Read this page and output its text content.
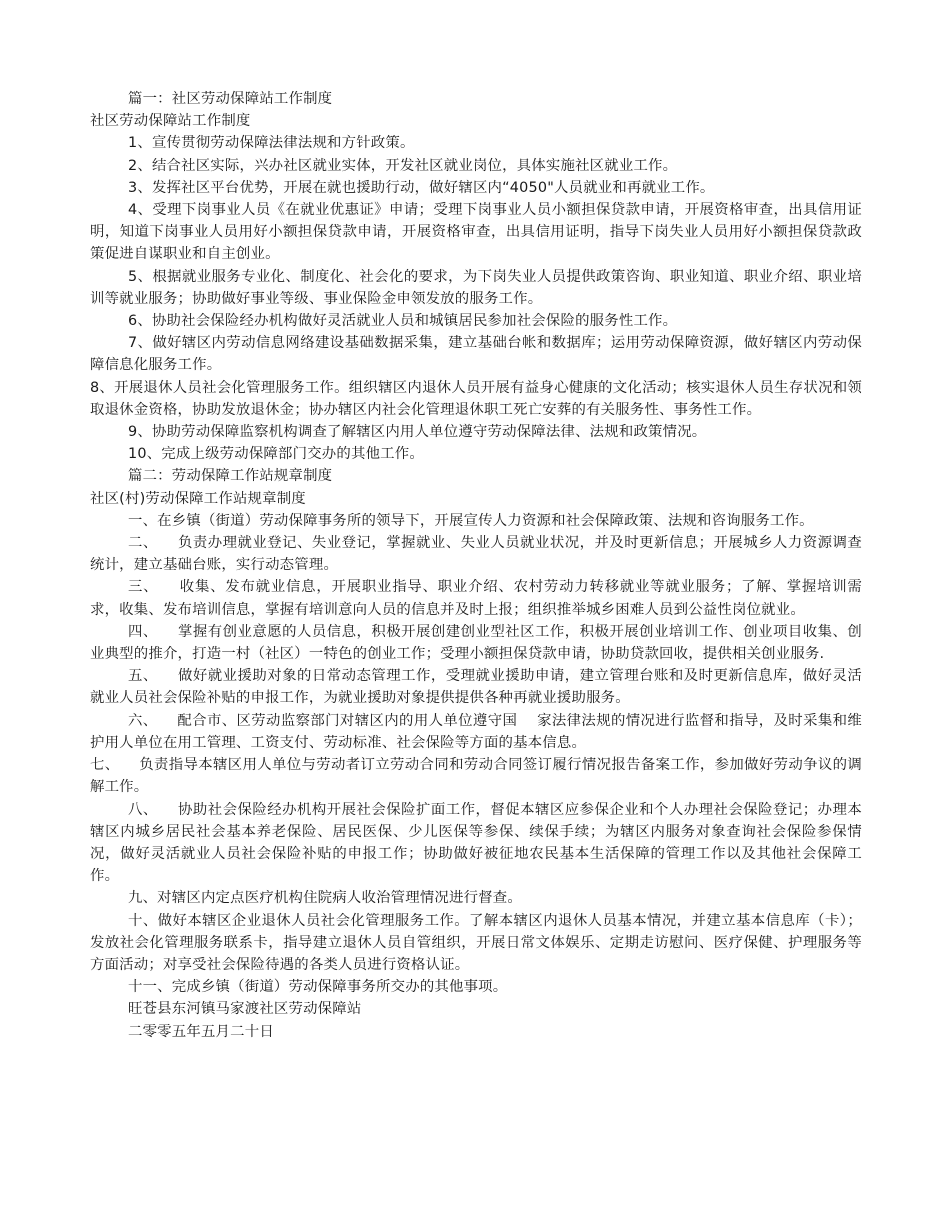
篇一：社区劳动保障站工作制度

社区劳动保障站工作制度

1、宣传贯彻劳动保障法律法规和方针政策。

2、结合社区实际，兴办社区就业实体，开发社区就业岗位，具体实施社区就业工作。

3、发挥社区平台优势，开展在就也援助行动，做好辖区内“4050"人员就业和再就业工作。

4、受理下岗事业人员《在就业优惠证》申请；受理下岗事业人员小额担保贷款申请，开展资格审查，出具信用证明，知道下岗事业人员用好小额担保贷款申请，开展资格审查，出具信用证明，指导下岗失业人员用好小额担保贷款政策促进自谋职业和自主创业。

5、根据就业服务专业化、制度化、社会化的要求，为下岗失业人员提供政策咨询、职业知道、职业介绍、职业培训等就业服务；协助做好事业等级、事业保险金申领发放的服务工作。

6、协助社会保险经办机构做好灵活就业人员和城镇居民参加社会保险的服务性工作。

7、做好辖区内劳动信息网络建设基础数据采集，建立基础台帐和数据库；运用劳动保障资源，做好辖区内劳动保障信息化服务工作。

8、开展退休人员社会化管理服务工作。组织辖区内退休人员开展有益身心健康的文化活动；核实退休人员生存状况和领取退休金资格，协助发放退休金；协办辖区内社会化管理退休职工死亡安葬的有关服务性、事务性工作。

9、协助劳动保障监察机构调查了解辖区内用人单位遵守劳动保障法律、法规和政策情况。

10、完成上级劳动保障部门交办的其他工作。

篇二：劳动保障工作站规章制度

社区(村)劳动保障工作站规章制度

一、在乡镇（街道）劳动保障事务所的领导下，开展宣传人力资源和社会保障政策、法规和咨询服务工作。

二、    负责办理就业登记、失业登记，掌握就业、失业人员就业状况，并及时更新信息；开展城乡人力资源调查统计，建立基础台账，实行动态管理。

三、    收集、发布就业信息，开展职业指导、职业介绍、农村劳动力转移就业等就业服务；了解、掌握培训需求，收集、发布培训信息，掌握有培训意向人员的信息并及时上报；组织推举城乡困难人员到公益性岗位就业。

四、    掌握有创业意愿的人员信息，积极开展创建创业型社区工作，积极开展创业培训工作、创业项目收集、创业典型的推介，打造一村（社区）一特色的创业工作；受理小额担保贷款申请，协助贷款回收，提供相关创业服务.

五、    做好就业援助对象的日常动态管理工作，受理就业援助申请，建立管理台账和及时更新信息库，做好灵活就业人员社会保险补贴的申报工作，为就业援助对象提供提供各种再就业援助服务。

六、    配合市、区劳动监察部门对辖区内的用人单位遵守国    家法律法规的情况进行监督和指导，及时采集和维护用人单位在用工管理、工资支付、劳动标准、社会保险等方面的基本信息。

七、    负责指导本辖区用人单位与劳动者订立劳动合同和劳动合同签订履行情况报告备案工作，参加做好劳动争议的调解工作。

八、    协助社会保险经办机构开展社会保险扩面工作，督促本辖区应参保企业和个人办理社会保险登记；办理本辖区内城乡居民社会基本养老保险、居民医保、少儿医保等参保、续保手续；为辖区内服务对象查询社会保险参保情况，做好灵活就业人员社会保险补贴的申报工作；协助做好被征地农民基本生活保障的管理工作以及其他社会保障工作。

九、对辖区内定点医疗机构住院病人收治管理情况进行督查。

十、做好本辖区企业退休人员社会化管理服务工作。了解本辖区内退休人员基本情况，并建立基本信息库（卡）；发放社会化管理服务联系卡，指导建立退休人员自管组织，开展日常文体娱乐、定期走访慰问、医疗保健、护理服务等方面活动；对享受社会保险待遇的各类人员进行资格认证。

十一、完成乡镇（街道）劳动保障事务所交办的其他事项。

旺苍县东河镇马家渡社区劳动保障站

二零零五年五月二十日
